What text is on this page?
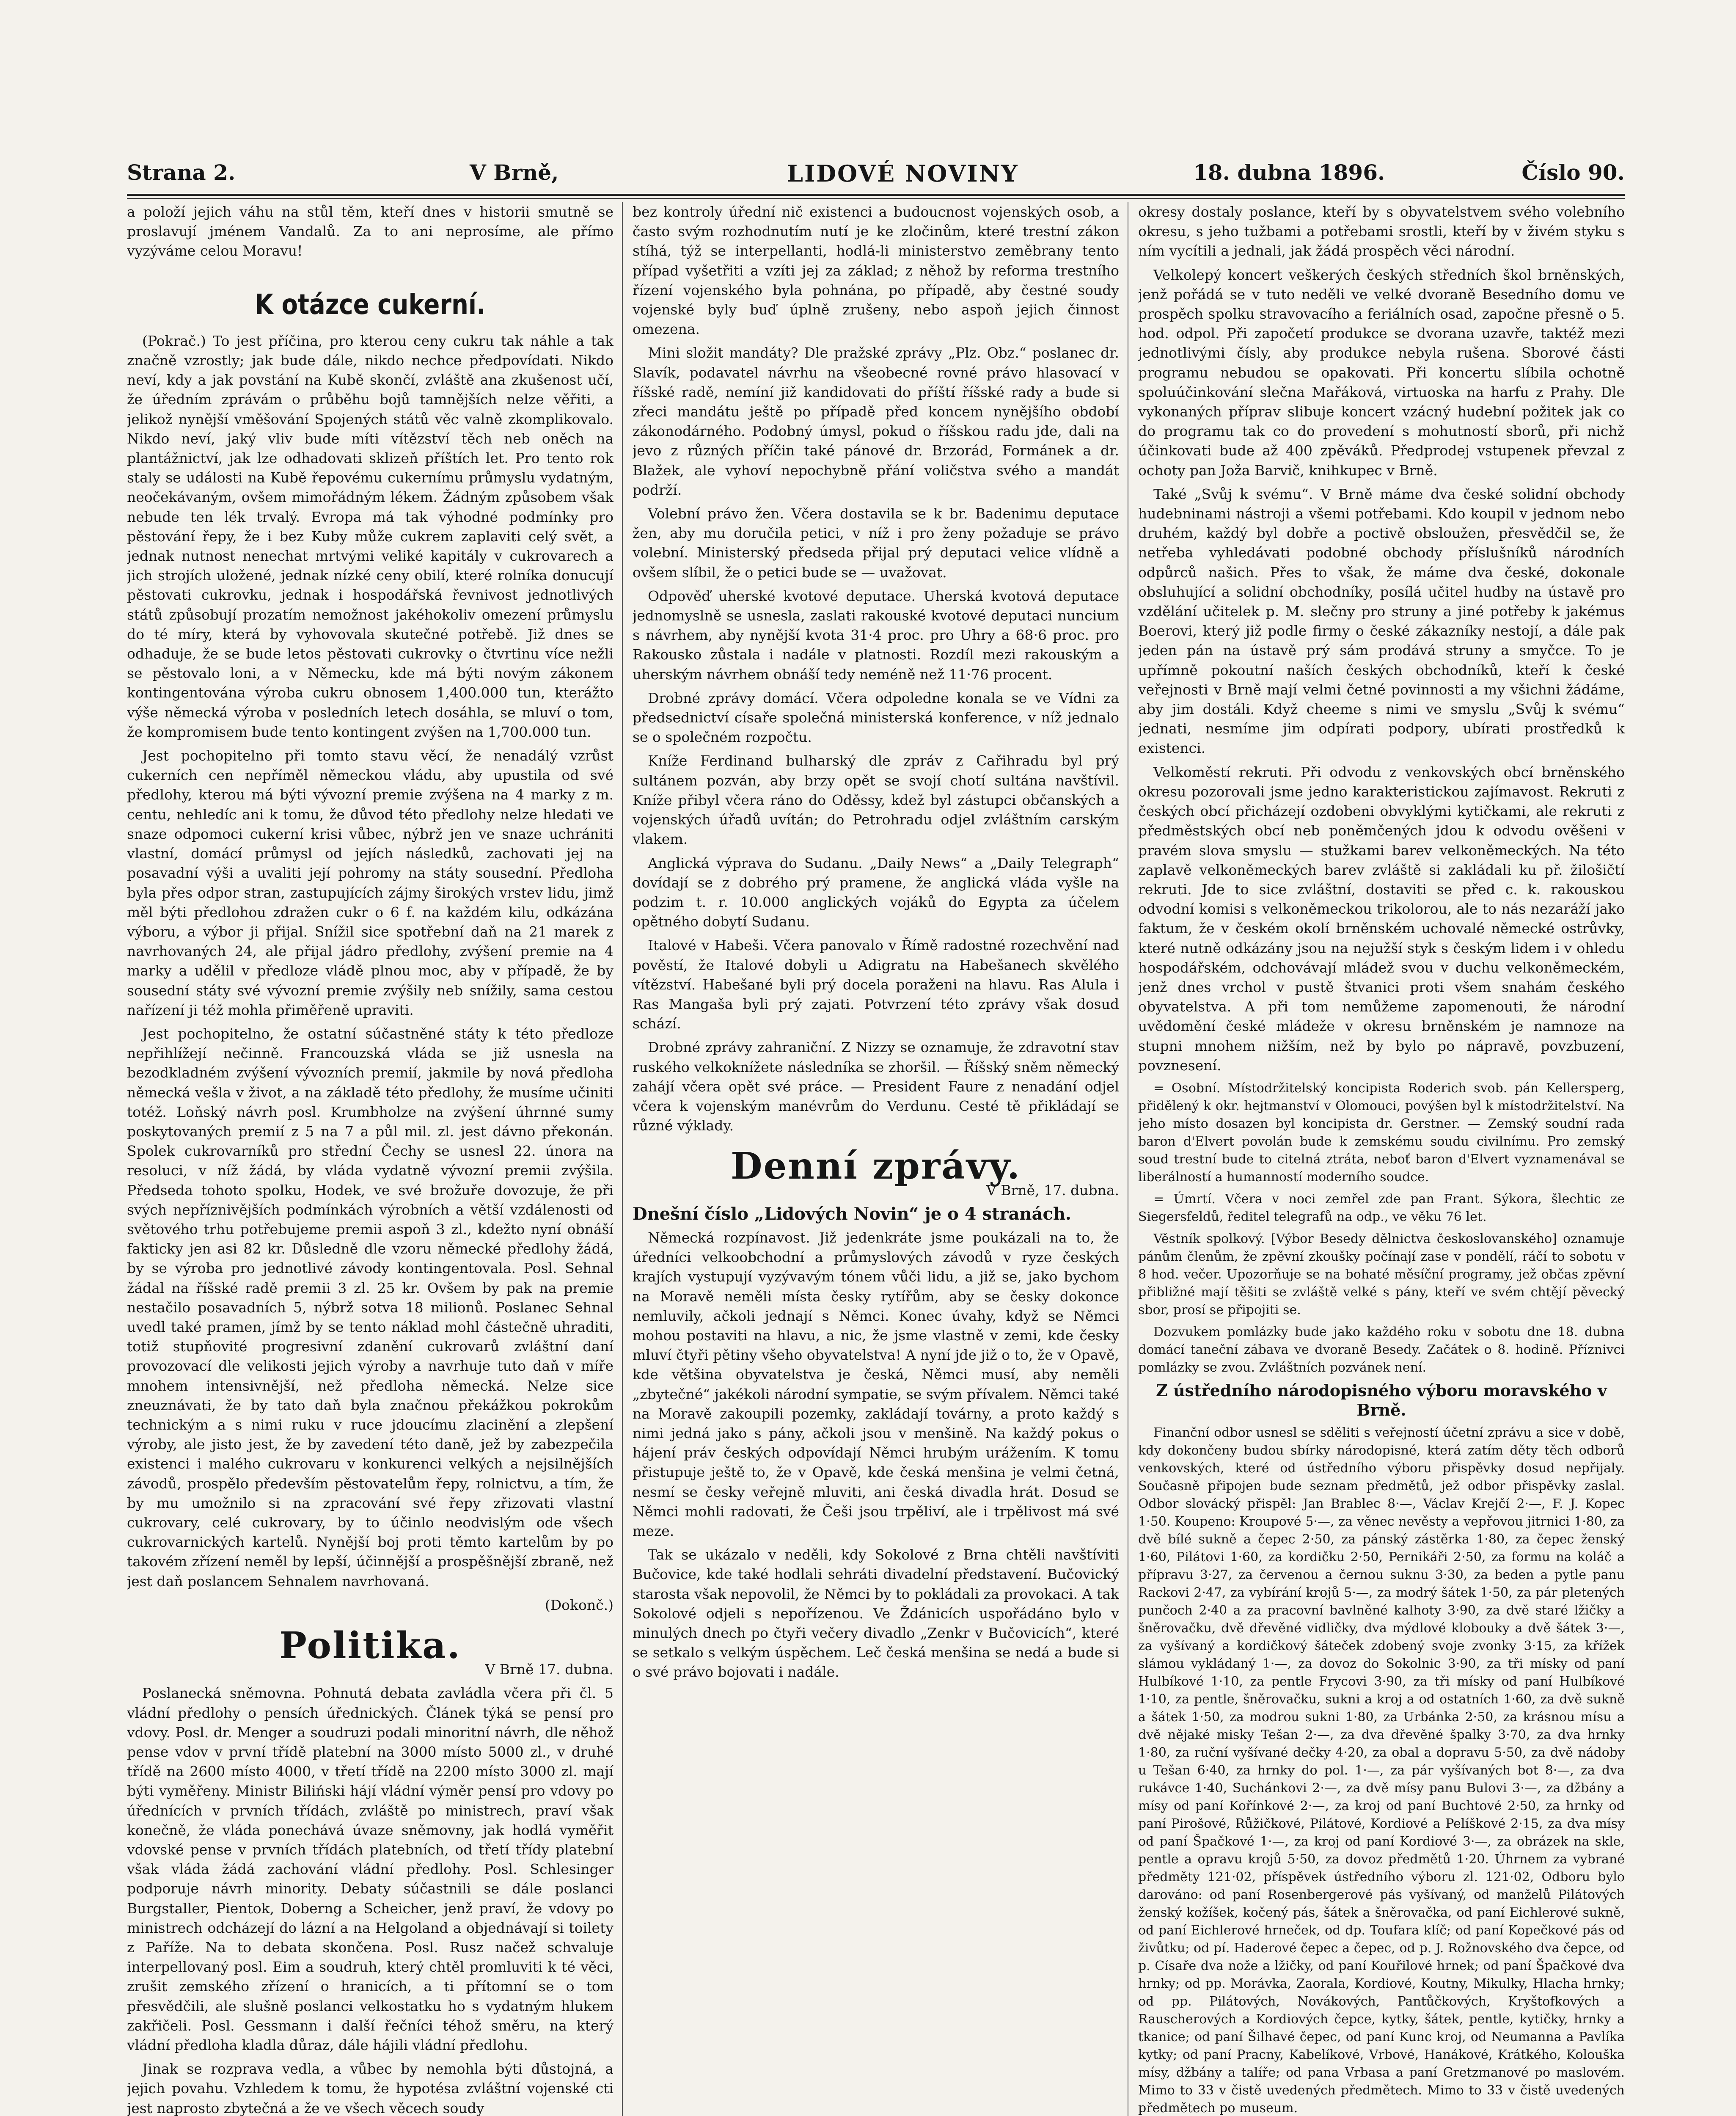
Strana 2.	V Brně,	LIDOVÉ NOVINY	18. dubna 1896.	Číslo 90.

a položí jejich váhu na stůl těm, kteří dnes v historii smutně se proslavují jménem Vandalů. Za to ani neprosíme, ale přímo vyzýváme celou Moravu!

K otázce cukerní.

(Pokrač.) To jest příčina, pro kterou ceny cukru tak náhle a tak značně vzrostly; jak bude dále, nikdo nechce předpovídati. Nikdo neví, kdy a jak povstání na Kubě skončí, zvláště ana zkušenost učí, že úředním zprávám o průběhu bojů tamnějších nelze věřiti, a jelikož nynější vměšování Spojených států věc valně zkomplikovalo. Nikdo neví, jaký vliv bude míti vítězství těch neb oněch na plantážnictví, jak lze odhadovati sklizeň příštích let. Pro tento rok staly se události na Kubě řepovému cukernímu průmyslu vydatným, neočekávaným, ovšem mimořádným lékem. Žádným způsobem však nebude ten lék trvalý. Evropa má tak výhodné podmínky pro pěstování řepy, že i bez Kuby může cukrem zaplaviti celý svět, a jednak nutnost nenechat mrtvými veliké kapitály v cukrovarech a jich strojích uložené, jednak nízké ceny obilí, které rolníka donucují pěstovati cukrovku, jednak i hospodářská řevnivost jednotlivých států způsobují prozatím nemožnost jakéhokoliv omezení průmyslu do té míry, která by vyhovovala skutečné potřebě. Již dnes se odhaduje, že se bude letos pěstovati cukrovky o čtvrtinu více nežli se pěstovalo loni, a v Německu, kde má býti novým zákonem kontingentována výroba cukru obnosem 1,400.000 tun, kterážto výše německá výroba v posledních letech dosáhla, se mluví o tom, že kompromisem bude tento kontingent zvýšen na 1,700.000 tun.

Jest pochopitelno při tomto stavu věcí, že nenadálý vzrůst cukerních cen nepříměl německou vládu, aby upustila od své předlohy, kterou má býti vývozní premie zvýšena na 4 marky z m. centu, nehledíc ani k tomu, že důvod této předlohy nelze hledati ve snaze odpomoci cukerní krisi vůbec, nýbrž jen ve snaze uchrániti vlastní, domácí průmysl od jejích následků, zachovati jej na posavadní výši a uvaliti její pohromy na státy sousední. Předloha byla přes odpor stran, zastupujících zájmy širokých vrstev lidu, jimž měl býti předlohou zdražen cukr o 6 f. na každém kilu, odkázána výboru, a výbor ji přijal. Snížil sice spotřební daň na 21 marek z navrhovaných 24, ale přijal jádro předlohy, zvýšení premie na 4 marky a udělil v předloze vládě plnou moc, aby v případě, že by sousední státy své vývozní premie zvýšily neb snížily, sama cestou nařízení ji též mohla přiměřeně upraviti.

Jest pochopitelno, že ostatní súčastněné státy k této předloze nepřihlížejí nečinně. Francouzská vláda se již usnesla na bezodkladném zvýšení vývozních premií, jakmile by nová předloha německá vešla v život, a na základě této předlohy, že musíme učiniti totéž. Loňský návrh posl. Krumbholze na zvýšení úhrnné sumy poskytovaných premií z 5 na 7 a půl mil. zl. jest dávno překonán. Spolek cukrovarníků pro střední Čechy se usnesl 22. února na resoluci, v níž žádá, by vláda vydatně vývozní premii zvýšila. Předseda tohoto spolku, Hodek, ve své brožuře dovozuje, že při svých nepříznivějších podmínkách výrobních a větší vzdálenosti od světového trhu potřebujeme premii aspoň 3 zl., kdežto nyní obnáší fakticky jen asi 82 kr. Důsledně dle vzoru německé předlohy žádá, by se výroba pro jednotlivé závody kontingentovala. Posl. Sehnal žádal na říšské radě premii 3 zl. 25 kr. Ovšem by pak na premie nestačilo posavadních 5, nýbrž sotva 18 milionů. Poslanec Sehnal uvedl také pramen, jímž by se tento náklad mohl částečně uhraditi, totiž stupňovité progresivní zdanění cukrovarů zvláštní daní provozovací dle velikosti jejich výroby a navrhuje tuto daň v míře mnohem intensivnější, než předloha německá. Nelze sice zneuznávati, že by tato daň byla značnou překážkou pokrokům technickým a s nimi ruku v ruce jdoucímu zlacinění a zlepšení výroby, ale jisto jest, že by zavedení této daně, jež by zabezpečila existenci i malého cukrovaru v konkurenci velkých a nejsilnějších závodů, prospělo především pěstovatelům řepy, rolnictvu, a tím, že by mu umožnilo si na zpracování své řepy zřizovati vlastní cukrovary, celé cukrovary, by to účinlo neodvislým ode všech cukrovarnických kartelů. Nynější boj proti těmto kartelům by po takovém zřízení neměl by lepší, účinnější a prospěšnější zbraně, než jest daň poslancem Sehnalem navrhovaná.

(Dokonč.)

Politika.

V Brně 17. dubna.

Poslanecká sněmovna. Pohnutá debata zavládla včera při čl. 5 vládní předlohy o pensích úřednických. Článek týká se pensí pro vdovy. Posl. dr. Menger a soudruzi podali minoritní návrh, dle něhož pense vdov v první třídě platební na 3000 místo 5000 zl., v druhé třídě na 2600 místo 4000, v třetí třídě na 2200 místo 3000 zl. mají býti vyměřeny. Ministr Biliński hájí vládní výměr pensí pro vdovy po úřednících v prvních třídách, zvláště po ministrech, praví však konečně, že vláda ponechává úvaze sněmovny, jak hodlá vyměřit vdovské pense v prvních třídách platebních, od třetí třídy platební však vláda žádá zachování vládní předlohy. Posl. Schlesinger podporuje návrh minority. Debaty súčastnili se dále poslanci Burgstaller, Pientok, Doberng a Scheicher, jenž praví, že vdovy po ministrech odcházejí do lázní a na Helgoland a objednávají si toilety z Paříže. Na to debata skončena. Posl. Rusz načež schvaluje interpellovaný posl. Eim a soudruh, který chtěl promluviti k té věci, zrušit zemského zřízení o hranicích, a ti přítomní se o tom přesvědčili, ale slušně poslanci velkostatku ho s vydatným hlukem zakřičeli. Posl. Gessmann i další řečníci téhož směru, na který vládní předloha kladla důraz, dále hájili vládní předlohu.

Jinak se rozprava vedla, a vůbec by nemohla býti důstojná, a jejich povahu. Vzhledem k tomu, že hypotésa zvláštní vojenské cti jest naprosto zbytečná a že ve všech věcech soudy

bez kontroly úřední nič existenci a budoucnost vojenských osob, a často svým rozhodnutím nutí je ke zločinům, které trestní zákon stíhá, týž se interpellanti, hodlá-li ministerstvo zeměbrany tento případ vyšetřiti a vzíti jej za základ; z něhož by reforma trestního řízení vojenského byla pohnána, po případě, aby čestné soudy vojenské byly buď úplně zrušeny, nebo aspoň jejich činnost omezena.

Mini složit mandáty? Dle pražské zprávy „Plz. Obz.“ poslanec dr. Slavík, podavatel návrhu na všeobecné rovné právo hlasovací v říšské radě, nemíní již kandidovati do příští říšské rady a bude si zřeci mandátu ještě po případě před koncem nynějšího období zákonodárného. Podobný úmysl, pokud o říšskou radu jde, dali na jevo z různých příčin také pánové dr. Brzorád, Formánek a dr. Blažek, ale vyhoví nepochybně přání voličstva svého a mandát podrží.

Volební právo žen. Včera dostavila se k br. Badenimu deputace žen, aby mu doručila petici, v níž i pro ženy požaduje se právo volební. Ministerský předseda přijal prý deputaci velice vlídně a ovšem slíbil, že o petici bude se — uvažovat.

Odpověď uherské kvotové deputace. Uherská kvotová deputace jednomyslně se usnesla, zaslati rakouské kvotové deputaci nuncium s návrhem, aby nynější kvota 31·4 proc. pro Uhry a 68·6 proc. pro Rakousko zůstala i nadále v platnosti. Rozdíl mezi rakouským a uherským návrhem obnáší tedy neméně než 11·76 procent.

Drobné zprávy domácí. Včera odpoledne konala se ve Vídni za předsednictví císaře společná ministerská konference, v níž jednalo se o společném rozpočtu.

Kníže Ferdinand bulharský dle zpráv z Cařihradu byl prý sultánem pozván, aby brzy opět se svojí chotí sultána navštívil. Kníže přibyl včera ráno do Oděssy, kdež byl zástupci občanských a vojenských úřadů uvítán; do Petrohradu odjel zvláštním carským vlakem.

Anglická výprava do Sudanu. „Daily News“ a „Daily Telegraph“ dovídají se z dobrého prý pramene, že anglická vláda vyšle na podzim t. r. 10.000 anglických vojáků do Egypta za účelem opětného dobytí Sudanu.

Italové v Habeši. Včera panovalo v Římě radostné rozechvění nad pověstí, že Italové dobyli u Adigratu na Habešanech skvělého vítězství. Habešané byli prý docela poraženi na hlavu. Ras Alula i Ras Mangaša byli prý zajati. Potvrzení této zprávy však dosud schází.

Drobné zprávy zahraniční. Z Nizzy se oznamuje, že zdravotní stav ruského velkoknížete následníka se zhoršil. — Říšský sněm německý zahájí včera opět své práce. — President Faure z nenadání odjel včera k vojenským manévrům do Verdunu. Cesté tě přikládají se různé výklady.

Denní zprávy.

V Brně, 17. dubna.

Dnešní číslo „Lidových Novin“ je o 4 stranách.

Německá rozpínavost. Již jedenkráte jsme poukázali na to, že úředníci velkoobchodní a průmyslových závodů v ryze českých krajích vystupují vyzývavým tónem vůči lidu, a již se, jako bychom na Moravě neměli místa česky rytířům, aby se česky dokonce nemluvily, ačkoli jednají s Němci. Konec úvahy, když se Němci mohou postaviti na hlavu, a nic, že jsme vlastně v zemi, kde česky mluví čtyři pětiny všeho obyvatelstva! A nyní jde již o to, že v Opavě, kde většina obyvatelstva je česká, Němci musí, aby neměli „zbytečné“ jakékoli národní sympatie, se svým přívalem. Němci také na Moravě zakoupili pozemky, zakládají továrny, a proto každý s nimi jedná jako s pány, ačkoli jsou v menšině. Na každý pokus o hájení práv českých odpovídají Němci hrubým urážením. K tomu přistupuje ještě to, že v Opavě, kde česká menšina je velmi četná, nesmí se česky veřejně mluviti, ani česká divadla hrát. Dosud se Němci mohli radovati, že Češi jsou trpěliví, ale i trpělivost má své meze.

Tak se ukázalo v neděli, kdy Sokolové z Brna chtěli navštíviti Bučovice, kde také hodlali sehráti divadelní představení. Bučovický starosta však nepovolil, že Němci by to pokládali za provokaci. A tak Sokolové odjeli s nepořízenou. Ve Ždánicích uspořádáno bylo v minulých dnech po čtyři večery divadlo „Zenkr v Bučovicích“, které se setkalo s velkým úspěchem. Leč česká menšina se nedá a bude si o své právo bojovati i nadále.

okresy dostaly poslance, kteří by s obyvatelstvem svého volebního okresu, s jeho tužbami a potřebami srostli, kteří by v živém styku s ním vycítili a jednali, jak žádá prospěch věci národní.

Velkolepý koncert veškerých českých středních škol brněnských, jenž pořádá se v tuto neděli ve velké dvoraně Besedního domu ve prospěch spolku stravovacího a feriálních osad, započne přesně o 5. hod. odpol. Při započetí produkce se dvorana uzavře, taktéž mezi jednotlivými čísly, aby produkce nebyla rušena. Sborové části programu nebudou se opakovati. Při koncertu slíbila ochotně spoluúčinkování slečna Mařáková, virtuoska na harfu z Prahy. Dle vykonaných příprav slibuje koncert vzácný hudební požitek jak co do programu tak co do provedení s mohutností sborů, při nichž účinkovati bude až 400 zpěváků. Předprodej vstupenek převzal z ochoty pan Joža Barvič, knihkupec v Brně.

Také „Svůj k svému“. V Brně máme dva české solidní obchody hudebninami nástroji a všemi potřebami. Kdo koupil v jednom nebo druhém, každý byl dobře a poctivě obsloužen, přesvědčil se, že netřeba vyhledávati podobné obchody příslušníků národních odpůrců našich. Přes to však, že máme dva české, dokonale obsluhující a solidní obchodníky, posílá učitel hudby na ústavě pro vzdělání učitelek p. M. slečny pro struny a jiné potřeby k jakémus Boerovi, který již podle firmy o české zákazníky nestojí, a dále pak jeden pán na ústavě prý sám prodává struny a smyčce. To je upřímně pokoutní naších českých obchodníků, kteří k české veřejnosti v Brně mají velmi četné povinnosti a my všichni žádáme, aby jim dostáli. Když cheeme s nimi ve smyslu „Svůj k svému“ jednati, nesmíme jim odpírati podpory, ubírati prostředků k existenci.

Velkoměstí rekruti. Při odvodu z venkovských obcí brněnského okresu pozorovali jsme jedno karakteristickou zajímavost. Rekruti z českých obcí přicházejí ozdobeni obvyklými kytičkami, ale rekruti z předměstských obcí neb poněmčených jdou k odvodu ověšeni v pravém slova smyslu — stužkami barev velkoněmeckých. Na této zaplavě velkoněmeckých barev zvláště si zakládali ku př. žilošičtí rekruti. Jde to sice zvláštní, dostaviti se před c. k. rakouskou odvodní komisi s velkoněmeckou trikolorou, ale to nás nezaráží jako faktum, že v českém okolí brněnském uchovalé německé ostrůvky, které nutně odkázány jsou na nejužší styk s českým lidem i v ohledu hospodářském, odchovávají mládež svou v duchu velkoněmeckém, jenž dnes vrchol v pustě štvanici proti všem snahám českého obyvatelstva. A při tom nemůžeme zapomenouti, že národní uvědomění české mládeže v okresu brněnském je namnoze na stupni mnohem nižším, než by bylo po nápravě, povzbuzení, povznesení.

= Osobní. Místodržitelský koncipista Roderich svob. pán Kellersperg, přidělený k okr. hejtmanství v Olomouci, povýšen byl k místodržitelství. Na jeho místo dosazen byl koncipista dr. Gerstner. — Zemský soudní rada baron d'Elvert povolán bude k zemskému soudu civilnímu. Pro zemský soud trestní bude to citelná ztráta, neboť baron d'Elvert vyznamenával se liberálností a humanností moderního soudce.

= Úmrtí. Včera v noci zemřel zde pan Frant. Sýkora, šlechtic ze Siegersfeldů, ředitel telegrafů na odp., ve věku 76 let.

Věstník spolkový. [Výbor Besedy dělnictva českoslovanského] oznamuje pánům členům, že zpěvní zkoušky počínají zase v pondělí, ráčí to sobotu v 8 hod. večer. Upozorňuje se na bohaté měsíční programy, jež občas zpěvní přibližné mají těšiti se zvláště velké s pány, kteří ve svém chtějí pěvecký sbor, prosí se připojiti se.

Dozvukem pomlázky bude jako každého roku v sobotu dne 18. dubna domácí taneční zábava ve dvoraně Besedy. Začátek o 8. hodině. Příznivci pomlázky se zvou. Zvláštních pozvánek není.

Z ústředního národopisného výboru moravského v Brně.

Finanční odbor usnesl se sděliti s veřejností účetní zprávu a sice v době, kdy dokončeny budou sbírky národopisné, která zatím děty těch odborů venkovských, které od ústředního výboru přispěvky dosud nepřijaly. Současně připojen bude seznam předmětů, jež odbor přispěvky zaslal. Odbor slovácký přispěl: Jan Brablec 8·—, Václav Krejčí 2·—, F. J. Kopec 1·50. Koupeno: Kroupové 5·—, za věnec nevěsty a vepřovou jitrnici 1·80, za dvě bílé sukně a čepec 2·50, za pánský zástěrka 1·80, za čepec ženský 1·60, Pilátovi 1·60, za kordičku 2·50, Pernikáři 2·50, za formu na koláč a přípravu 3·27, za červenou a černou suknu 3·30, za beden a pytle panu Rackovi 2·47, za vybírání krojů 5·—, za modrý šátek 1·50, za pár pletených punčoch 2·40 a za pracovní bavlněné kalhoty 3·90, za dvě staré lžičky a šněrovačku, dvě dřevěné vidličky, dva mýdlové klobouky a dvě šátek 3·—, za vyšívaný a kordičkový šáteček zdobený svoje zvonky 3·15, za křížek slámou vykládaný 1·—, za dovoz do Sokolnic 3·90, za tři mísky od paní Hulbíkové 1·10, za pentle Frycovi 3·90, za tři mísky od paní Hulbíkové 1·10, za pentle, šněrovačku, sukni a kroj a od ostatních 1·60, za dvě sukně a šátek 1·50, za modrou sukni 1·80, za Urbánka 2·50, za krásnou mísu a dvě nějaké misky Tešan 2·—, za dva dřevěné špalky 3·70, za dva hrnky 1·80, za ruční vyšívané dečky 4·20, za obal a dopravu 5·50, za dvě nádoby u Tešan 6·40, za hrnky do pol. 1·—, za pár vyšívaných bot 8·—, za dva rukávce 1·40, Suchánkovi 2·—, za dvě mísy panu Bulovi 3·—, za džbány a mísy od paní Kořínkové 2·—, za kroj od paní Buchtové 2·50, za hrnky od paní Pirošové, Růžičkové, Pilátové, Kordiové a Pelíškové 2·15, za dva mísy od paní Špačkové 1·—, za kroj od paní Kordiové 3·—, za obrázek na skle, pentle a opravu krojů 5·50, za dovoz předmětů 1·20. Úhrnem za vybrané předměty 121·02, příspěvek ústředního výboru zl. 121·02, Odboru bylo darováno: od paní Rosenbergerové pás vyšívaný, od manželů Pilátových ženský kožíšek, kočený pás, šátek a šněrovačka, od paní Eichlerové sukně, od paní Eichlerové hrneček, od dp. Toufara klíč; od paní Kopečkové pás od živůtku; od pí. Haderové čepec a čepec, od p. J. Rožnovského dva čepce, od p. Císaře dva nože a lžičky, od paní Kouřilové hrnek; od paní Špačkové dva hrnky; od pp. Morávka, Zaorala, Kordiové, Koutny, Mikulky, Hlacha hrnky; od pp. Pilátových, Novákových, Pantůčkových, Kryštofkových a Rauscherových a Kordiových čepce, kytky, šátek, pentle, kytičky, hrnky a tkanice; od paní Šilhavé čepec, od paní Kunc kroj, od Neumanna a Pavlíka kytky; od paní Pracny, Kabelíkové, Vrbové, Hanákové, Krátkého, Kolouška mísy, džbány a talíře; od pana Vrbasa a paní Gretzmanové po maslovém. Mimo to 33 v čistě uvedených předmětech. Mimo to 33 v čistě uvedených předmětech po museum.
